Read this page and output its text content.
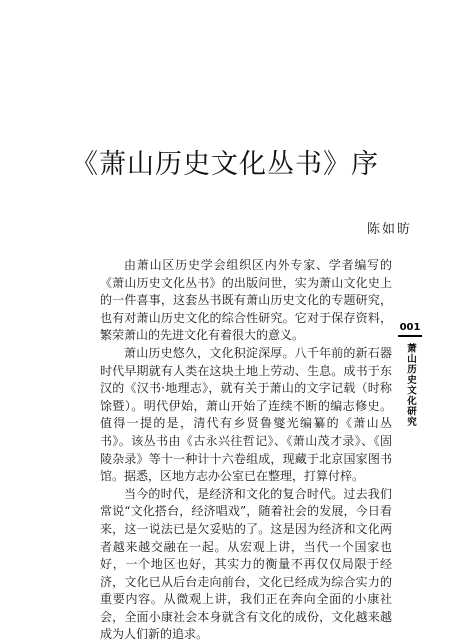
《萧山历史文化丛书》序
陈如昉

由萧山区历史学会组织区内外专家、学者编写的《萧山历史文化丛书》的出版问世，实为萧山文化史上的一件喜事，这套丛书既有萧山历史文化的专题研究，也有对萧山历史文化的综合性研究。它对于保存资料，繁荣萧山的先进文化有着很大的意义。

萧山历史悠久，文化积淀深厚。八千年前的新石器时代早期就有人类在这块土地上劳动、生息。成书于东汉的《汉书·地理志》，就有关于萧山的文字记载（时称馀暨）。明代伊始，萧山开始了连续不断的编志修史。值得一提的是，清代有乡贤鲁燮光编纂的《萧山丛书》。该丛书由《古永兴往哲记》、《萧山茂才录》、《固陵杂录》等十一种计十六卷组成，现藏于北京国家图书馆。据悉，区地方志办公室已在整理，打算付梓。

当今的时代，是经济和文化的复合时代。过去我们常说“文化搭台，经济唱戏”，随着社会的发展，今日看来，这一说法已是欠妥贴的了。这是因为经济和文化两者越来越交融在一起。从宏观上讲，当代一个国家也好，一个地区也好，其实力的衡量不再仅仅局限于经济，文化已从后台走向前台，文化已经成为综合实力的重要内容。从微观上讲，我们正在奔向全面的小康社会，全面小康社会本身就含有文化的成份，文化越来越成为人们新的追求。

001
萧山历史文化研究
